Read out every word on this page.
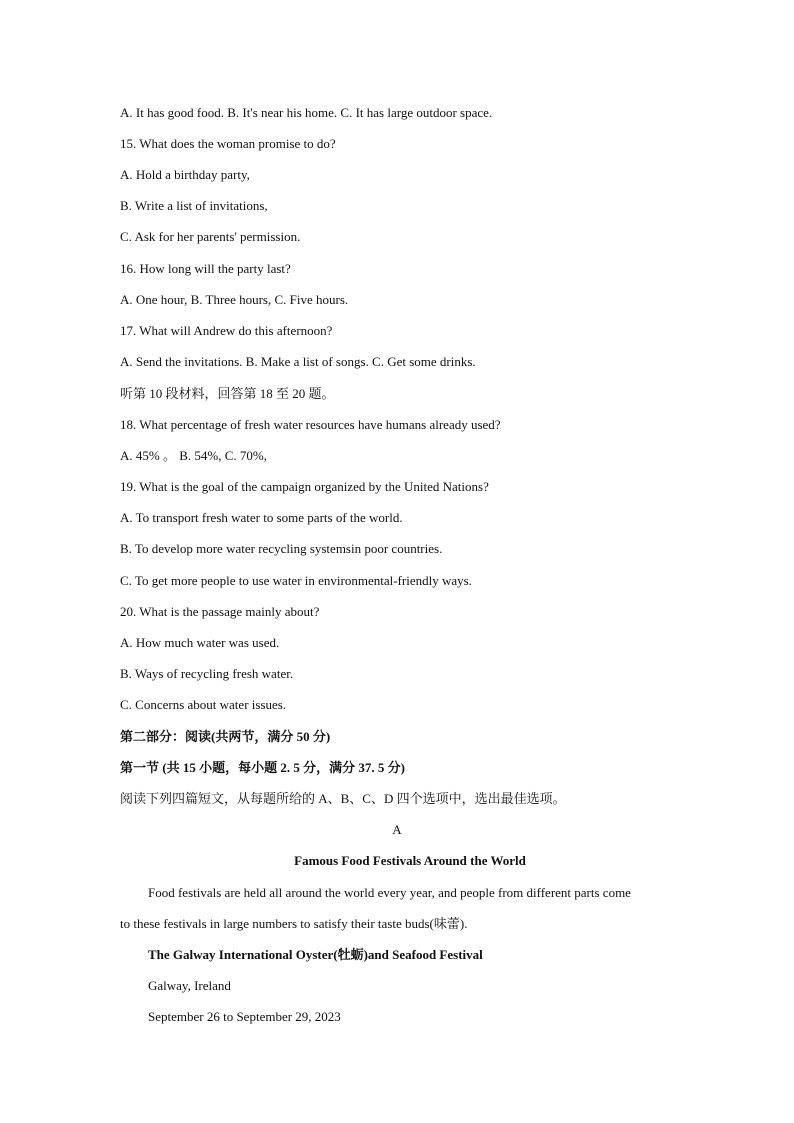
A. It has good food. B. It's near his home. C. It has large outdoor space.
15. What does the woman promise to do?
A. Hold a birthday party,
B. Write a list of invitations,
C. Ask for her parents' permission.
16. How long will the party last?
A. One hour, B. Three hours, C. Five hours.
17. What will Andrew do this afternoon?
A. Send the invitations. B. Make a list of songs. C. Get some drinks.
听第 10 段材料，回答第 18 至 20 题。
18. What percentage of fresh water resources have humans already used?
A. 45% 。 B. 54%, C. 70%,
19. What is the goal of the campaign organized by the United Nations?
A. To transport fresh water to some parts of the world.
B. To develop more water recycling systemsin poor countries.
C. To get more people to use water in environmental-friendly ways.
20. What is the passage mainly about?
A. How much water was used.
B. Ways of recycling fresh water.
C. Concerns about water issues.
第二部分：阅读(共两节，满分 50 分)
第一节 (共 15 小题，每小题 2. 5 分，满分 37. 5 分)
阅读下列四篇短文，从每题所给的 A、B、C、D 四个选项中，选出最佳选项。
A
Famous Food Festivals Around the World
Food festivals are held all around the world every year, and people from different parts come
to these festivals in large numbers to satisfy their taste buds(味蕾).
The Galway International Oyster(牡蛎)and Seafood Festival
Galway, Ireland
September 26 to September 29, 2023
